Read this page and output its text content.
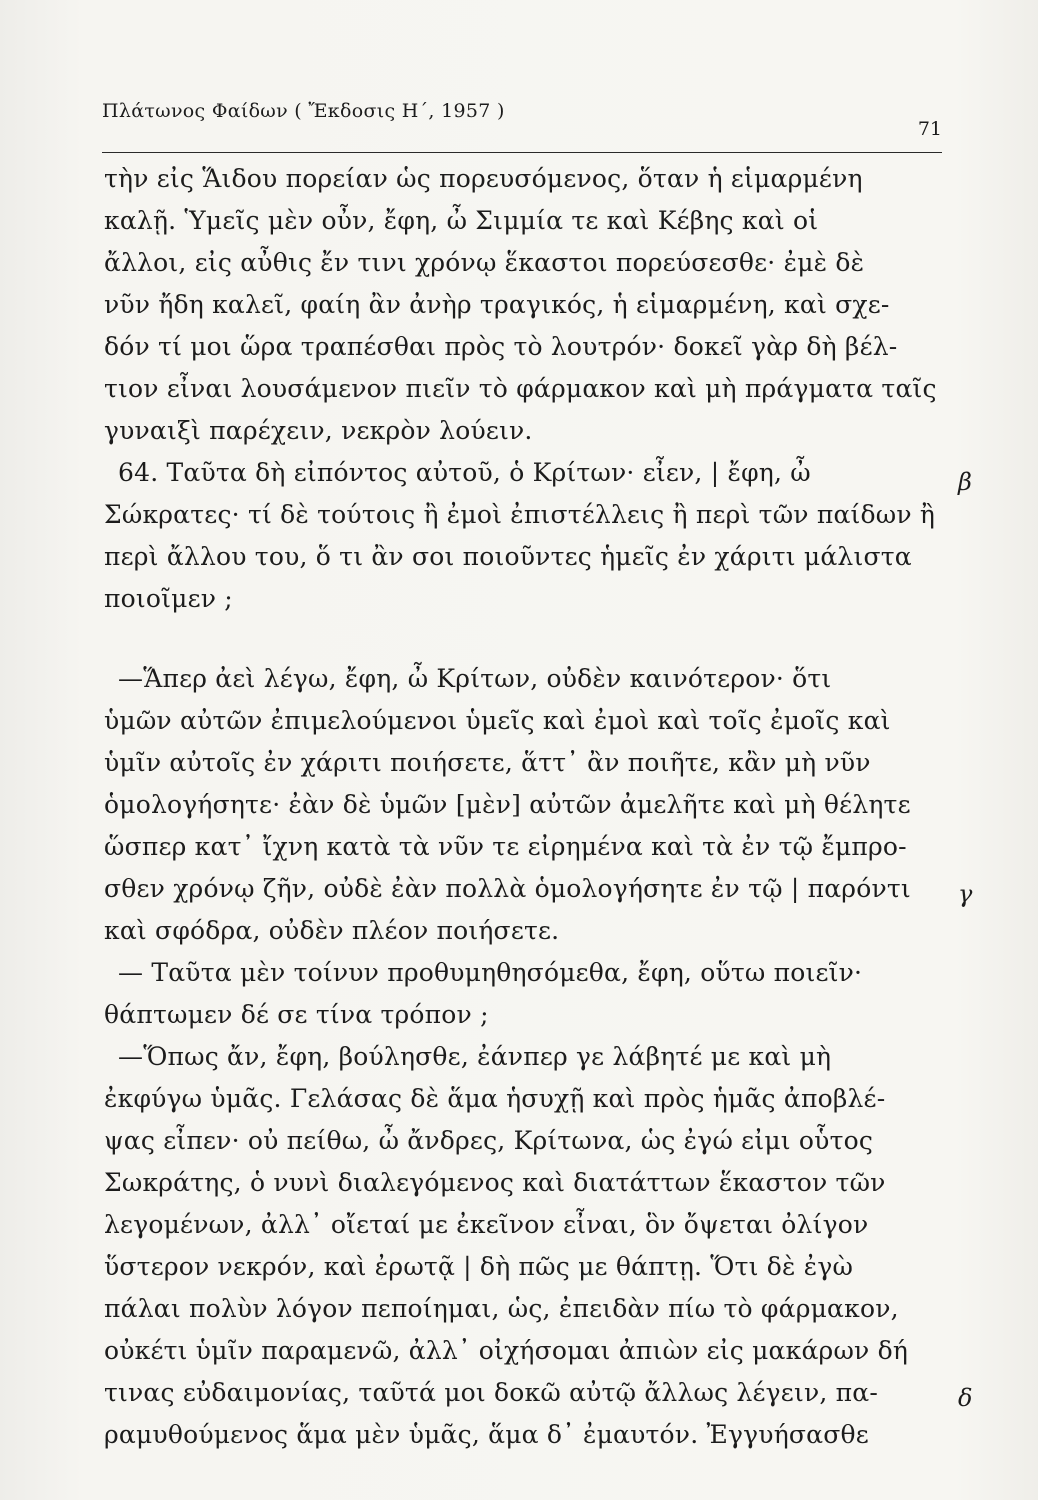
Πλάτωνος Φαίδων ( Ἔκδοσις Η΄, 1957 )
71
τὴν εἰς Ἅιδου πορείαν ὡς πορευσόμενος, ὅταν ἡ εἱμαρμένη
καλῇ. Ὑμεῖς μὲν οὖν, ἔφη, ὦ Σιμμία τε καὶ Κέβης καὶ οἱ
ἄλλοι, εἰς αὖθις ἔν τινι χρόνῳ ἕκαστοι πορεύσεσθε· ἐμὲ δὲ
νῦν ἤδη καλεῖ, φαίη ἂν ἀνὴρ τραγικός, ἡ εἱμαρμένη, καὶ σχε-
δόν τί μοι ὥρα τραπέσθαι πρὸς τὸ λουτρόν· δοκεῖ γὰρ δὴ βέλ-
τιον εἶναι λουσάμενον πιεῖν τὸ φάρμακον καὶ μὴ πράγματα ταῖς
γυναιξὶ παρέχειν, νεκρὸν λούειν.
64. Ταῦτα δὴ εἰπόντος αὐτοῦ, ὁ Κρίτων· εἶεν, | ἔφη, ὦ
Σώκρατες· τί δὲ τούτοις ἢ ἐμοὶ ἐπιστέλλεις ἢ περὶ τῶν παίδων ἢ
περὶ ἄλλου του, ὅ τι ἂν σοι ποιοῦντες ἡμεῖς ἐν χάριτι μάλιστα
ποιοῖμεν ;
—Ἅπερ ἀεὶ λέγω, ἔφη, ὦ Κρίτων, οὐδὲν καινότερον· ὅτι
ὑμῶν αὐτῶν ἐπιμελούμενοι ὑμεῖς καὶ ἐμοὶ καὶ τοῖς ἐμοῖς καὶ
ὑμῖν αὐτοῖς ἐν χάριτι ποιήσετε, ἅττ᾽ ἂν ποιῆτε, κἂν μὴ νῦν
ὁμολογήσητε· ἐὰν δὲ ὑμῶν [μὲν] αὐτῶν ἀμελῆτε καὶ μὴ θέλητε
ὥσπερ κατ᾽ ἴχνη κατὰ τὰ νῦν τε εἰρημένα καὶ τὰ ἐν τῷ ἔμπρο-
σθεν χρόνῳ ζῆν, οὐδὲ ἐὰν πολλὰ ὁμολογήσητε ἐν τῷ | παρόντι
καὶ σφόδρα, οὐδὲν πλέον ποιήσετε.
— Ταῦτα μὲν τοίνυν προθυμηθησόμεθα, ἔφη, οὕτω ποιεῖν·
θάπτωμεν δέ σε τίνα τρόπον ;
—Ὅπως ἄν, ἔφη, βούλησθε, ἐάνπερ γε λάβητέ με καὶ μὴ
ἐκφύγω ὑμᾶς. Γελάσας δὲ ἅμα ἡσυχῇ καὶ πρὸς ἡμᾶς ἀποβλέ-
ψας εἶπεν· οὐ πείθω, ὦ ἄνδρες, Κρίτωνα, ὡς ἐγώ εἰμι οὗτος
Σωκράτης, ὁ νυνὶ διαλεγόμενος καὶ διατάττων ἕκαστον τῶν
λεγομένων, ἀλλ᾽ οἴεταί με ἐκεῖνον εἶναι, ὃν ὄψεται ὀλίγον
ὕστερον νεκρόν, καὶ ἐρωτᾷ | δὴ πῶς με θάπτῃ. Ὅτι δὲ ἐγὼ
πάλαι πολὺν λόγον πεποίημαι, ὡς, ἐπειδὰν πίω τὸ φάρμακον,
οὐκέτι ὑμῖν παραμενῶ, ἀλλ᾽ οἰχήσομαι ἀπιὼν εἰς μακάρων δή
τινας εὐδαιμονίας, ταῦτά μοι δοκῶ αὐτῷ ἄλλως λέγειν, πα-
ραμυθούμενος ἅμα μὲν ὑμᾶς, ἅμα δ᾽ ἐμαυτόν. Ἐγγυήσασθε
β
γ
δ
